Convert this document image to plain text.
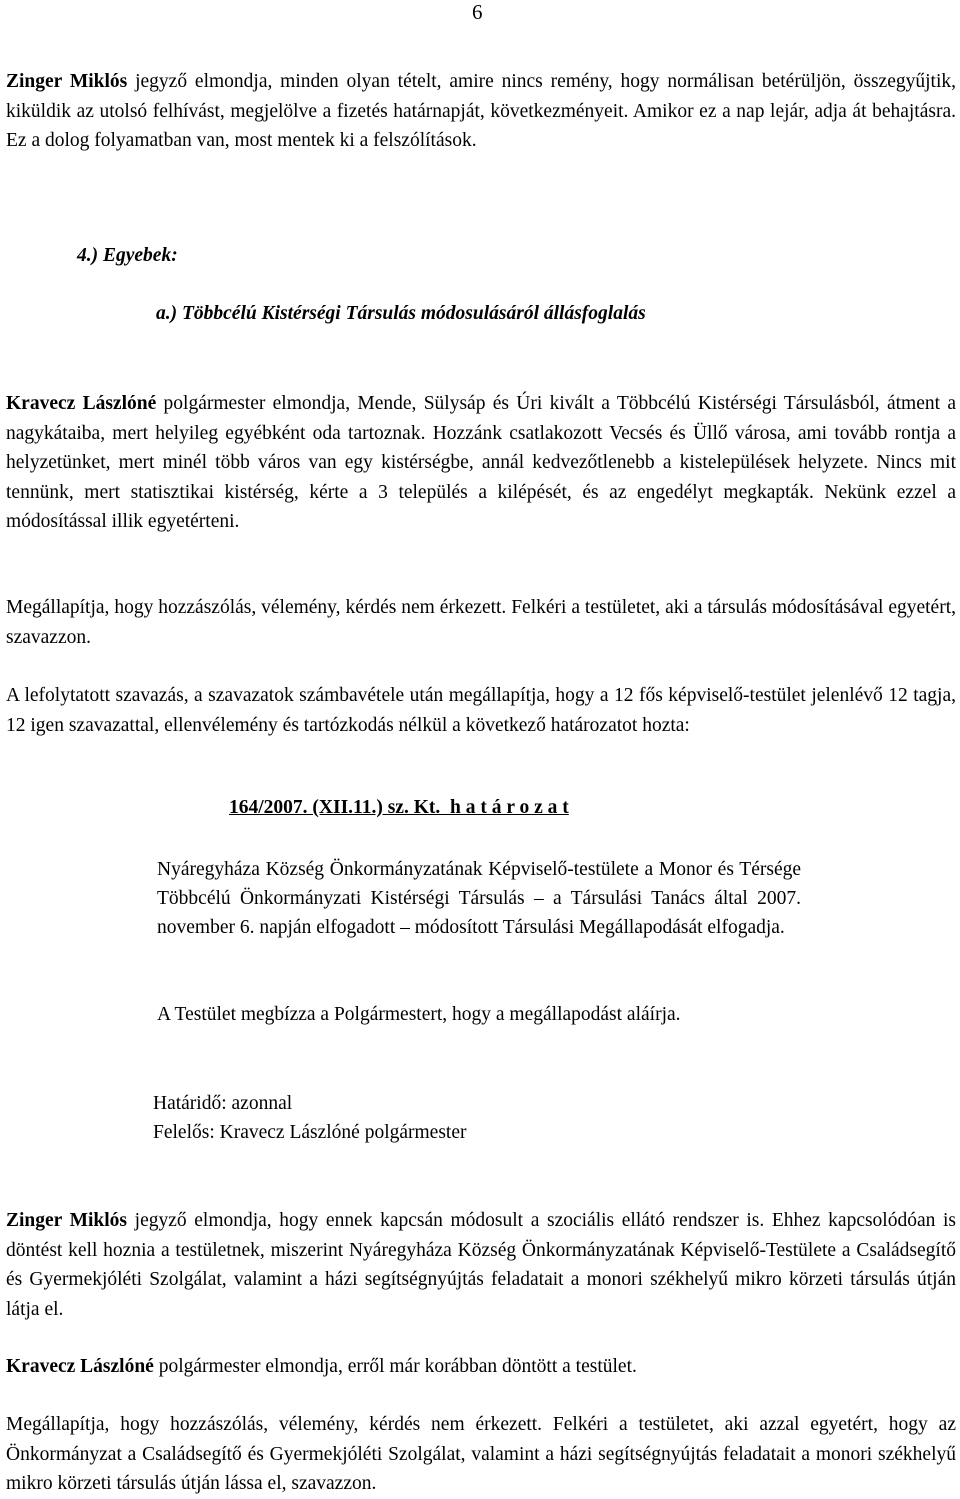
6

Zinger Miklós jegyző elmondja, minden olyan tételt, amire nincs remény, hogy normálisan betérüljön, összegyűjtik, kiküldik az utolsó felhívást, megjelölve a fizetés határnapját, következményeit. Amikor ez a nap lejár, adja át behajtásra. Ez a dolog folyamatban van, most mentek ki a felszólítások.

4.) Egyebek:
a.) Többcélú Kistérségi Társulás módosulásáról állásfoglalás

Kravecz Lászlóné polgármester elmondja, Mende, Sülysáp és Úri kivált a Többcélú Kistérségi Társulásból, átment a nagykátaiba, mert helyileg egyébként oda tartoznak. Hozzánk csatlakozott Vecsés és Üllő városa, ami tovább rontja a helyzetünket, mert minél több város van egy kistérségbe, annál kedvezőtlenebb a kistelepülések helyzete. Nincs mit tennünk, mert statisztikai kistérség, kérte a 3 település a kilépését, és az engedélyt megkapták. Nekünk ezzel a módosítással illik egyetérteni.

Megállapítja, hogy hozzászólás, vélemény, kérdés nem érkezett. Felkéri a testületet, aki a társulás módosításával egyetért, szavazzon.

A lefolytatott szavazás, a szavazatok számbavétele után megállapítja, hogy a 12 fős képviselő-testület jelenlévő 12 tagja, 12 igen szavazattal, ellenvélemény és tartózkodás nélkül a következő határozatot hozta:

164/2007. (XII.11.) sz. Kt.  h a t á r o z a t

Nyáregyháza Község Önkormányzatának Képviselő-testülete a Monor és Térsége Többcélú Önkormányzati Kistérségi Társulás – a Társulási Tanács által 2007. november 6. napján elfogadott – módosított Társulási Megállapodását elfogadja.

A Testület megbízza a Polgármestert, hogy a megállapodást aláírja.

Határidő: azonnal
Felelős: Kravecz Lászlóné polgármester

Zinger Miklós jegyző elmondja, hogy ennek kapcsán módosult a szociális ellátó rendszer is. Ehhez kapcsolódóan is döntést kell hoznia a testületnek, miszerint Nyáregyháza Község Önkormányzatának Képviselő-Testülete a Családsegítő és Gyermekjóléti Szolgálat, valamint a házi segítségnyújtás feladatait a monori székhelyű mikro körzeti társulás útján látja el.

Kravecz Lászlóné polgármester elmondja, erről már korábban döntött a testület.

Megállapítja, hogy hozzászólás, vélemény, kérdés nem érkezett. Felkéri a testületet, aki azzal egyetért, hogy az Önkormányzat a Családsegítő és Gyermekjóléti Szolgálat, valamint a házi segítségnyújtás feladatait a monori székhelyű mikro körzeti társulás útján lássa el, szavazzon.
